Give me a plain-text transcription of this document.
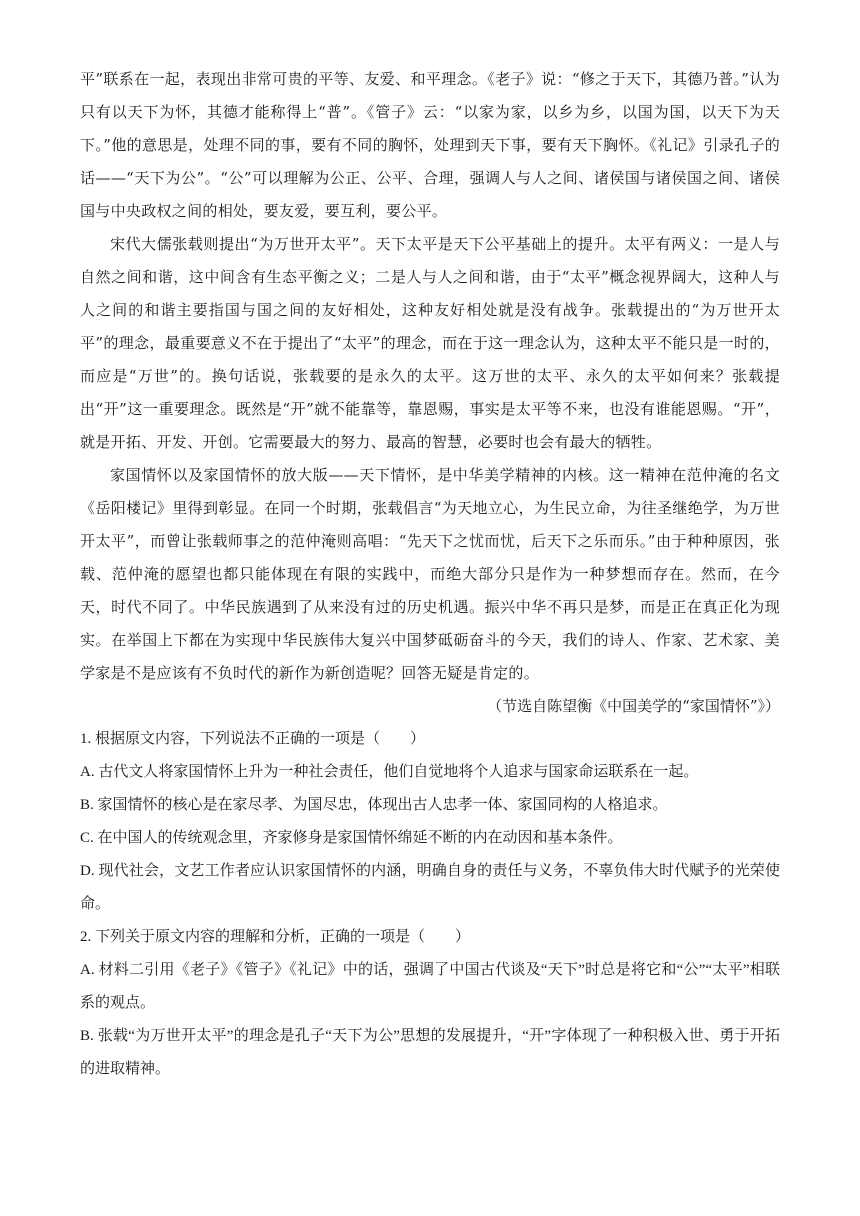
平”联系在一起，表现出非常可贵的平等、友爱、和平理念。《老子》说：“修之于天下，其德乃普。”认为只有以天下为怀，其德才能称得上“普”。《管子》云：“以家为家，以乡为乡，以国为国，以天下为天下。”他的意思是，处理不同的事，要有不同的胸怀，处理到天下事，要有天下胸怀。《礼记》引录孔子的话——“天下为公”。“公”可以理解为公正、公平、合理，强调人与人之间、诸侯国与诸侯国之间、诸侯国与中央政权之间的相处，要友爱，要互利，要公平。

宋代大儒张载则提出“为万世开太平”。天下太平是天下公平基础上的提升。太平有两义：一是人与自然之间和谐，这中间含有生态平衡之义；二是人与人之间和谐，由于“太平”概念视界阔大，这种人与人之间的和谐主要指国与国之间的友好相处，这种友好相处就是没有战争。张载提出的“为万世开太平”的理念，最重要意义不在于提出了“太平”的理念，而在于这一理念认为，这种太平不能只是一时的，而应是“万世”的。换句话说，张载要的是永久的太平。这万世的太平、永久的太平如何来？张载提出“开”这一重要理念。既然是“开”就不能靠等，靠恩赐，事实是太平等不来，也没有谁能恩赐。“开”，就是开拓、开发、开创。它需要最大的努力、最高的智慧，必要时也会有最大的牺牲。

家国情怀以及家国情怀的放大版——天下情怀，是中华美学精神的内核。这一精神在范仲淹的名文《岳阳楼记》里得到彰显。在同一个时期，张载倡言“为天地立心，为生民立命，为往圣继绝学，为万世开太平”，而曾让张载师事之的范仲淹则高唱：“先天下之忧而忧，后天下之乐而乐。”由于种种原因，张载、范仲淹的愿望也都只能体现在有限的实践中，而绝大部分只是作为一种梦想而存在。然而，在今天，时代不同了。中华民族遇到了从来没有过的历史机遇。振兴中华不再只是梦，而是正在真正化为现实。在举国上下都在为实现中华民族伟大复兴中国梦砥砺奋斗的今天，我们的诗人、作家、艺术家、美学家是不是应该有不负时代的新作为新创造呢？回答无疑是肯定的。

（节选自陈望衡《中国美学的“家国情怀”》）

1. 根据原文内容，下列说法不正确的一项是（　　）

A. 古代文人将家国情怀上升为一种社会责任，他们自觉地将个人追求与国家命运联系在一起。

B. 家国情怀的核心是在家尽孝、为国尽忠，体现出古人忠孝一体、家国同构的人格追求。

C. 在中国人的传统观念里，齐家修身是家国情怀绵延不断的内在动因和基本条件。

D. 现代社会，文艺工作者应认识家国情怀的内涵，明确自身的责任与义务，不辜负伟大时代赋予的光荣使命。

2. 下列关于原文内容的理解和分析，正确的一项是（　　）

A. 材料二引用《老子》《管子》《礼记》中的话，强调了中国古代谈及“天下”时总是将它和“公”“太平”相联系的观点。

B. 张载“为万世开太平”的理念是孔子“天下为公”思想的发展提升，“开”字体现了一种积极入世、勇于开拓的进取精神。
